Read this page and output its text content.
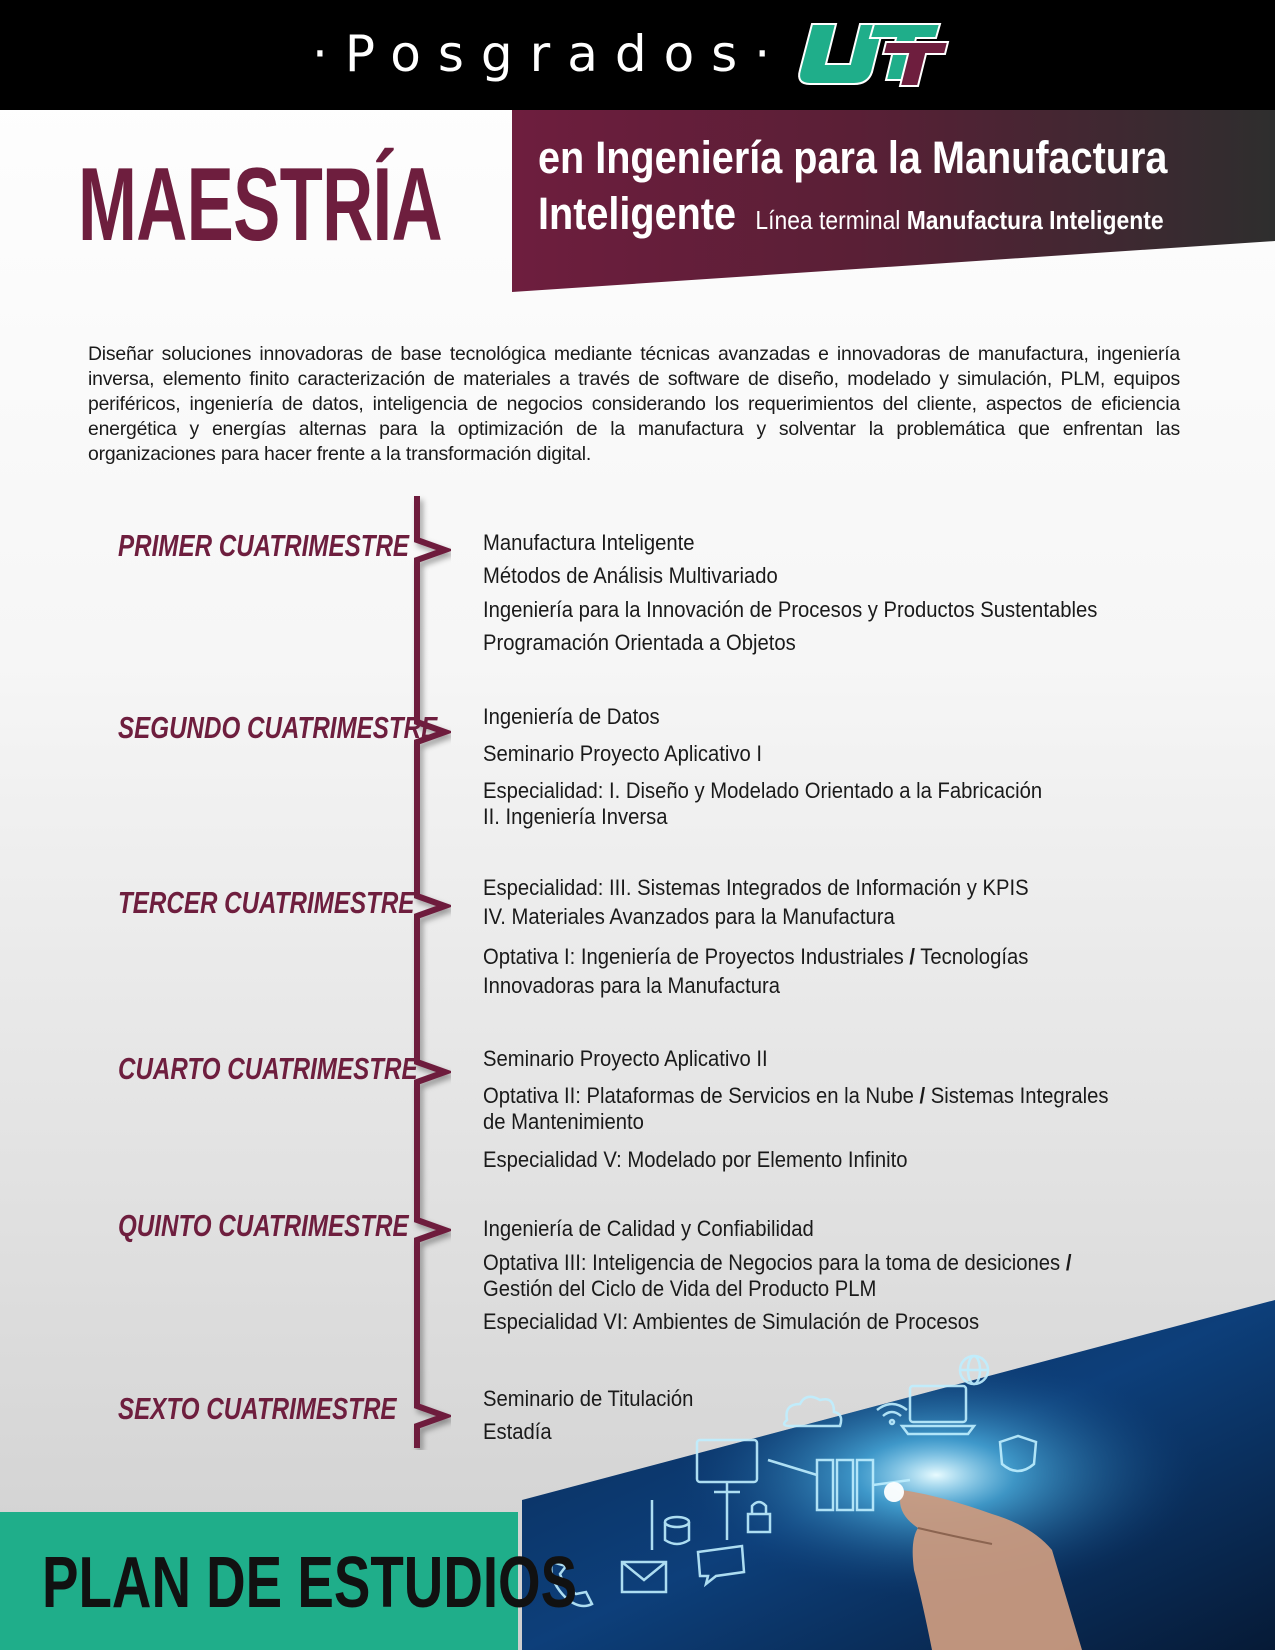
·Posgrados·
MAESTRÍA en Ingeniería para la Manufactura
Inteligente Línea terminal Manufactura Inteligente
Diseñar soluciones innovadoras de base tecnológica mediante técnicas avanzadas e innovadoras de manufactura, ingeniería inversa, elemento finito caracterización de materiales a través de software de diseño, modelado y simulación, PLM, equipos periféricos, ingeniería de datos, inteligencia de negocios considerando los requerimientos del cliente, aspectos de eficiencia energética y energías alternas para la optimización de la manufactura y solventar la problemática que enfrentan las organizaciones para hacer frente a la transformación digital.
PRIMER CUATRIMESTRE	Manufactura Inteligente
Métodos de Análisis Multivariado
Ingeniería para la Innovación de Procesos y Productos Sustentables
Programación Orientada a Objetos
SEGUNDO CUATRIMESTRE Ingeniería de Datos
Seminario Proyecto Aplicativo I
Especialidad: I. Diseño y Modelado Orientado a la Fabricación
II. Ingeniería Inversa
TERCER CUATRIMESTRE	Especialidad: III. Sistemas Integrados de Información y KPIS
IV. Materiales Avanzados para la Manufactura
Optativa I: Ingeniería de Proyectos Industriales / Tecnologías
Innovadoras para la Manufactura
CUARTO CUATRIMESTRE	Seminario Proyecto Aplicativo II
Optativa II: Plataformas de Servicios en la Nube / Sistemas Integrales
de Mantenimiento
Especialidad V: Modelado por Elemento Infinito
QUINTO CUATRIMESTRE	Ingeniería de Calidad y Confiabilidad
Optativa III: Inteligencia de Negocios para la toma de desiciones /
Gestión del Ciclo de Vida del Producto PLM
Especialidad VI: Ambientes de Simulación de Procesos
SEXTO CUATRIMESTRE	Seminario de Titulación
Estadía
PLAN DE ESTUDIOS
